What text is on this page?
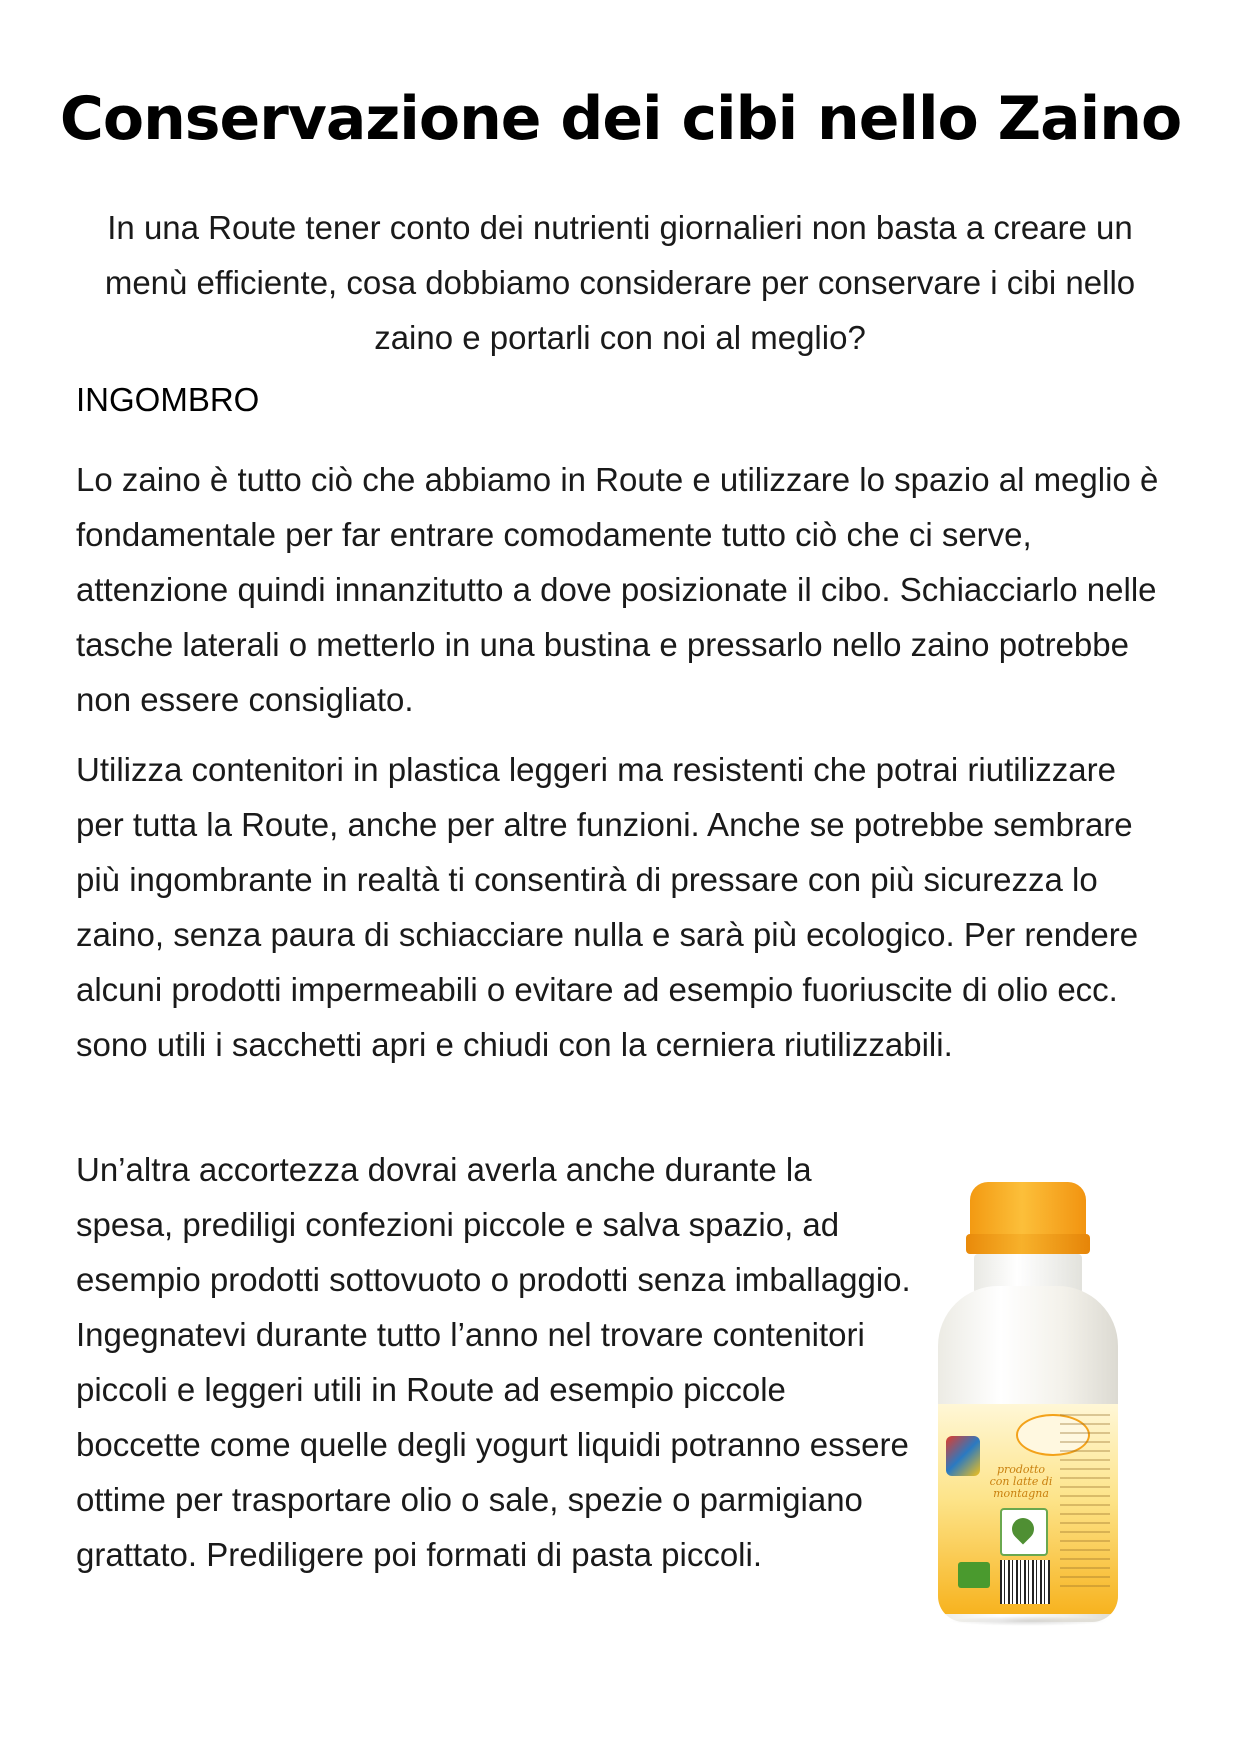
Conservazione dei cibi nello Zaino
In una Route tener conto dei nutrienti giornalieri non basta a creare un menù efficiente, cosa dobbiamo considerare per conservare i cibi nello zaino e portarli con noi al meglio?
INGOMBRO

Lo zaino è tutto ciò che abbiamo in Route e utilizzare lo spazio al meglio è fondamentale per far entrare comodamente tutto ciò che ci serve, attenzione quindi innanzitutto a dove posizionate il cibo. Schiacciarlo nelle tasche laterali o metterlo in una bustina e pressarlo nello zaino potrebbe non essere consigliato.

Utilizza contenitori in plastica leggeri ma resistenti che potrai riutilizzare per tutta la Route, anche per altre funzioni. Anche se potrebbe sembrare più ingombrante in realtà ti consentirà di pressare con più sicurezza lo zaino, senza paura di schiacciare nulla e sarà più ecologico. Per rendere alcuni prodotti impermeabili o evitare ad esempio fuoriuscite di olio ecc. sono utili i sacchetti apri e chiudi con la cerniera riutilizzabili.

Un’altra accortezza dovrai averla anche durante la spesa, prediligi confezioni piccole e salva spazio, ad esempio prodotti sottovuoto o prodotti senza imballaggio. Ingegnatevi durante tutto l’anno nel trovare contenitori piccoli e leggeri utili in Route ad esempio piccole boccette come quelle degli yogurt liquidi potranno essere ottime per trasportare olio o sale, spezie o parmigiano grattato. Prediligere poi formati di pasta piccoli.

prodotto con latte di montagna
